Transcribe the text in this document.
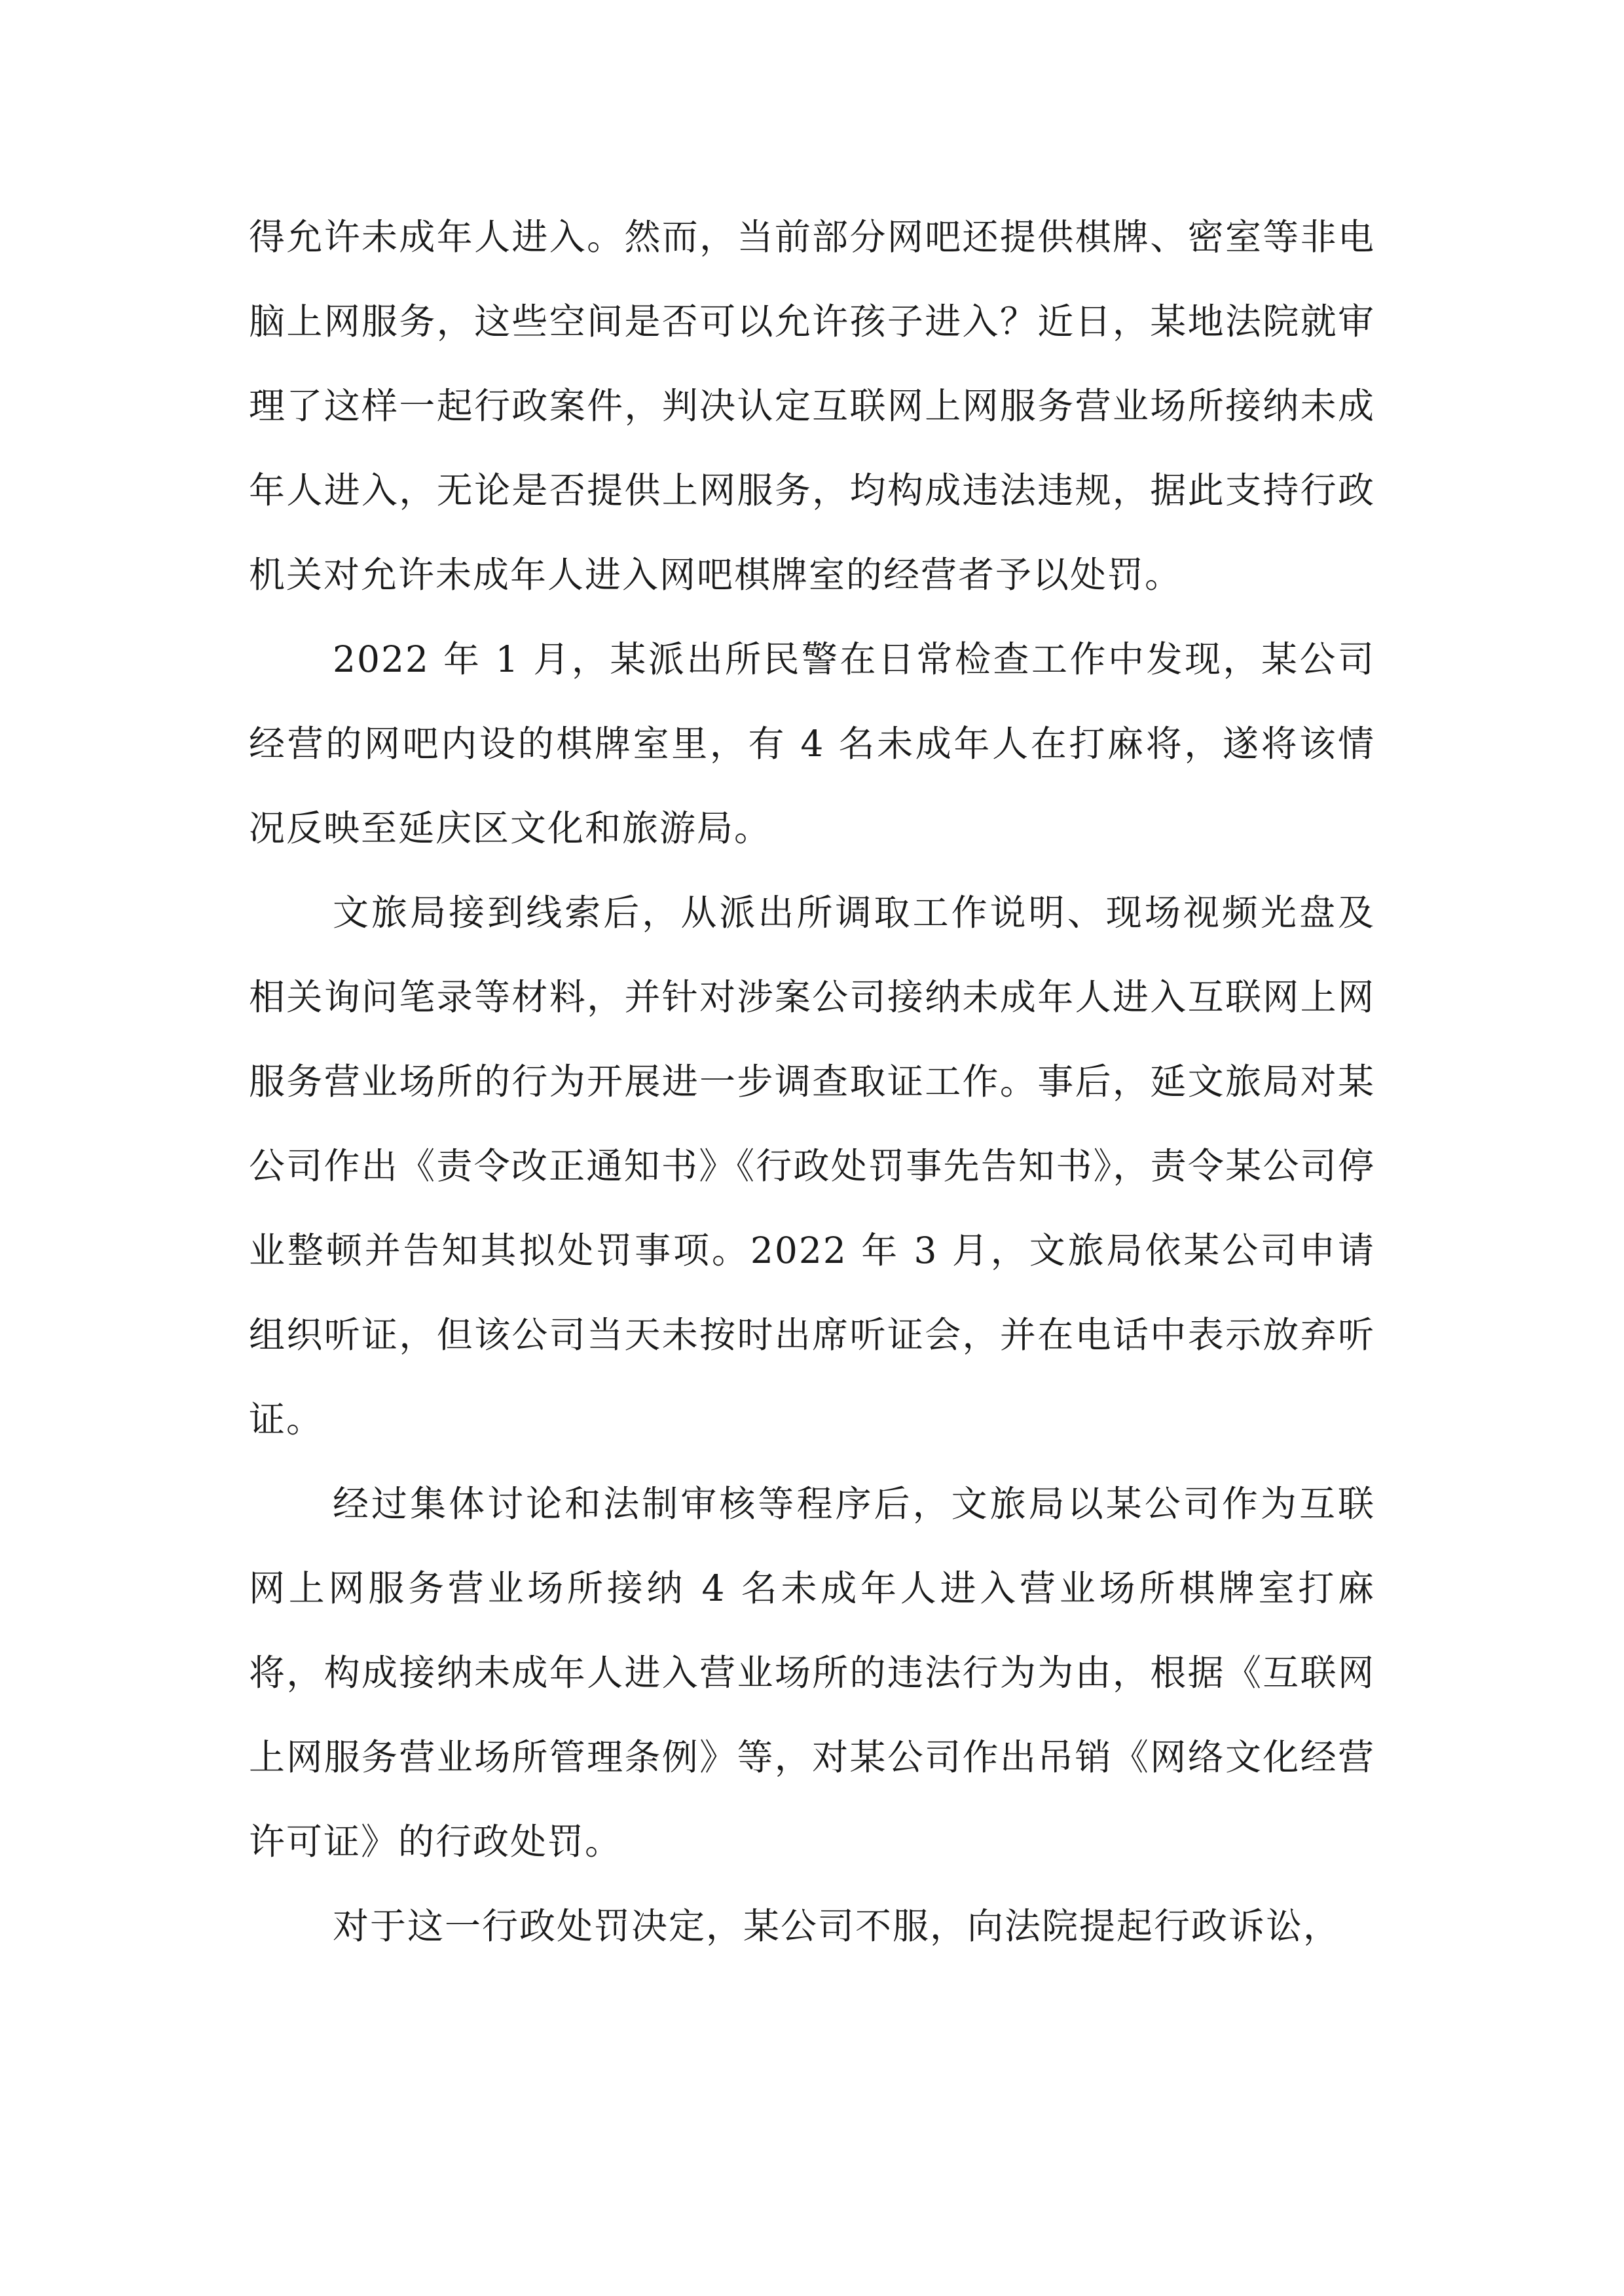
得允许未成年人进入。然而，当前部分网吧还提供棋牌、密室等非电脑上网服务，这些空间是否可以允许孩子进入？近日，某地法院就审理了这样一起行政案件，判决认定互联网上网服务营业场所接纳未成年人进入，无论是否提供上网服务，均构成违法违规，据此支持行政机关对允许未成年人进入网吧棋牌室的经营者予以处罚。

2022 年 1 月，某派出所民警在日常检查工作中发现，某公司经营的网吧内设的棋牌室里，有 4 名未成年人在打麻将，遂将该情况反映至延庆区文化和旅游局。

文旅局接到线索后，从派出所调取工作说明、现场视频光盘及相关询问笔录等材料，并针对涉案公司接纳未成年人进入互联网上网服务营业场所的行为开展进一步调查取证工作。事后，延文旅局对某公司作出《责令改正通知书》《行政处罚事先告知书》，责令某公司停业整顿并告知其拟处罚事项。2022 年 3 月，文旅局依某公司申请组织听证，但该公司当天未按时出席听证会，并在电话中表示放弃听证。

经过集体讨论和法制审核等程序后，文旅局以某公司作为互联网上网服务营业场所接纳 4 名未成年人进入营业场所棋牌室打麻将，构成接纳未成年人进入营业场所的违法行为为由，根据《互联网上网服务营业场所管理条例》等，对某公司作出吊销《网络文化经营许可证》的行政处罚。

对于这一行政处罚决定，某公司不服，向法院提起行政诉讼，
